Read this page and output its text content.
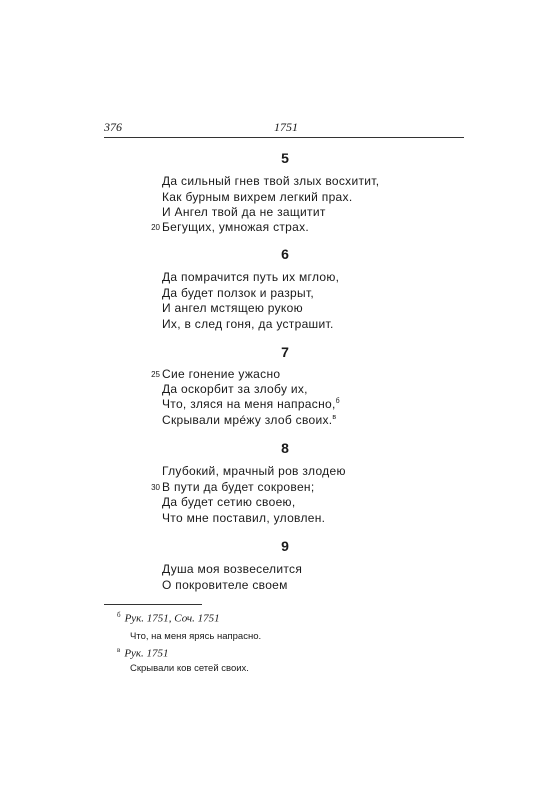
376	1751
5
Да сильный гнев твой злых восхитит,
Как бурным вихрем легкий прах.
И Ангел твой да не защитит
20 Бегущих, умножая страх.
6
Да помрачится путь их мглою,
Да будет ползок и разрыт,
И ангел мстящею рукою
Их, в след гоня, да устрашит.
7
25 Сие гонение ужасно
Да оскорбит за злобу их,
Что, зляся на меня напрасно,$^б$
Скрывали мрéжу злоб своих.$^в$
8
Глубокий, мрачный ров злодею
30 В пути да будет сокровен;
Да будет сетию своею,
Что мне поставил, уловлен.
9
Душа моя возвеселится
О покровителе своем
$^б$ Рук. 1751, Соч. 1751
Что, на меня ярясь напрасно.
$^в$ Рук. 1751
Скрывали ков сетей своих.
